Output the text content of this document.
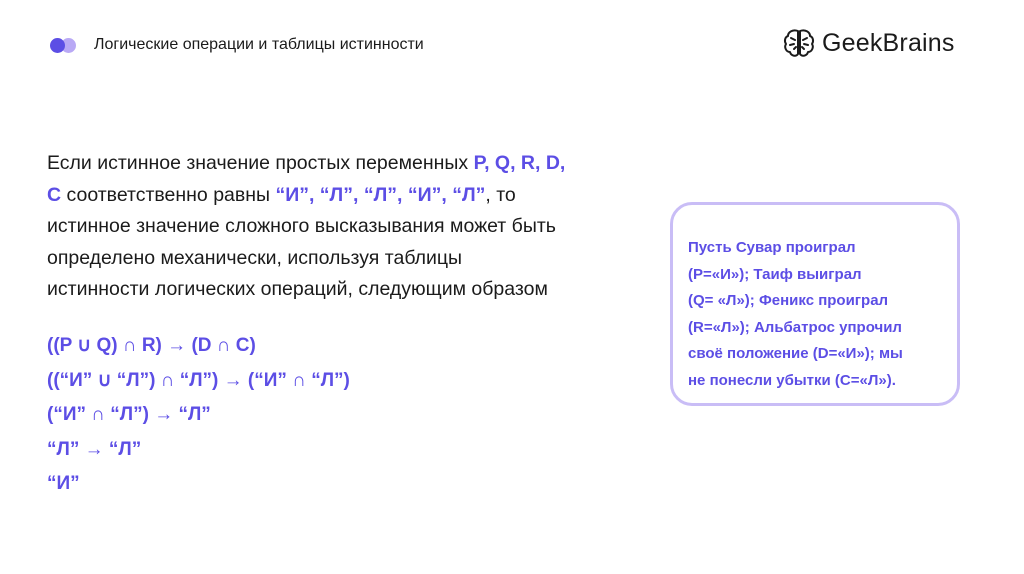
Логические операции и таблицы истинности	GeekBrains

Если истинное значение простых переменных P, Q, R, D,

C соответственно равны “И”, “Л”, “Л”, “И”, “Л”, то

истинное значение сложного высказывания может быть

определено механически, используя таблицы

истинности логических операций, следующим образом

((P ∪ Q) ∩ R) → (D ∩ C)
((“И” ∪ “Л”) ∩ “Л”) → (“И” ∩ “Л”)
(“И” ∩ “Л”) → “Л”
“Л” → “Л”
“И”
Пусть Сувар проиграл
(P=«И»); Таиф выиграл
(Q= «Л»); Феникс проиграл
(R=«Л»); Альбатрос упрочил
своё положение (D=«И»); мы
не понесли убытки (C=«Л»).
